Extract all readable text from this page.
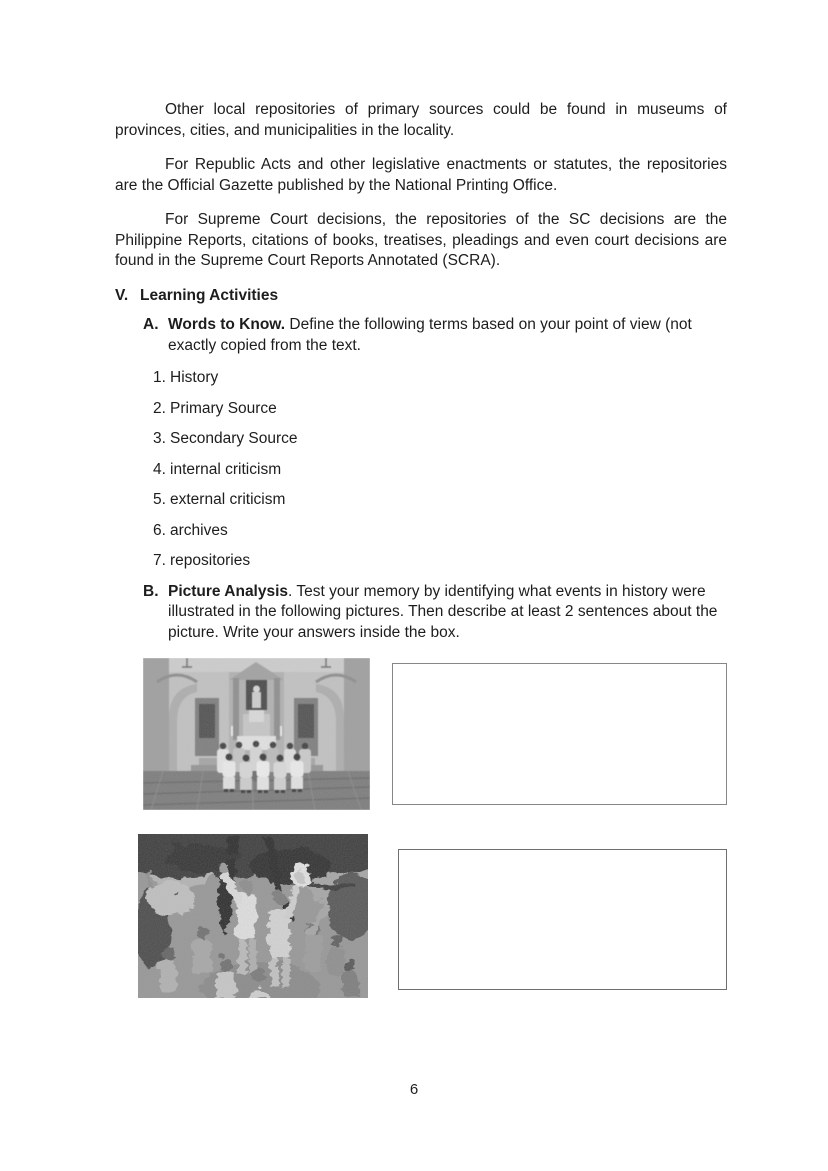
Other local repositories of primary sources could be found in museums of provinces, cities, and municipalities in the locality.

For Republic Acts and other legislative enactments or statutes, the repositories are the Official Gazette published by the National Printing Office.

For Supreme Court decisions, the repositories of the SC decisions are the Philippine Reports, citations of books, treatises, pleadings and even court decisions are found in the Supreme Court Reports Annotated (SCRA).

V. Learning Activities
A. Words to Know. Define the following terms based on your point of view (not exactly copied from the text.

1. History
2. Primary Source
3. Secondary Source
4. internal criticism
5. external criticism
6. archives
7. repositories
B. Picture Analysis. Test your memory by identifying what events in history were illustrated in the following pictures. Then describe at least 2 sentences about the picture. Write your answers inside the box.

6
